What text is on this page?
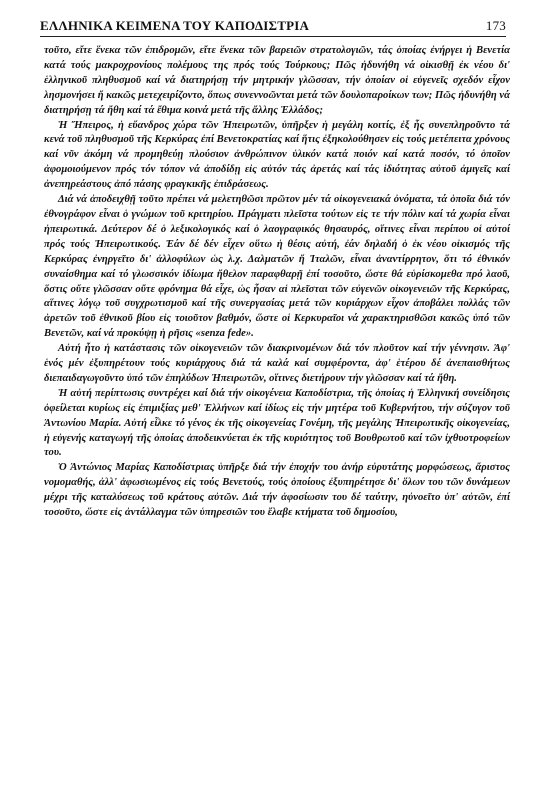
ΕΛΛΗΝΙΚΑ ΚΕΙΜΕΝΑ ΤΟΥ ΚΑΠΟΔΙΣΤΡΙΑ	173

τοῦτο, εἴτε ἕνεκα τῶν ἐπιδρομῶν, εἴτε ἕνεκα τῶν βαρειῶν στρατολογιῶν, τάς ὁποίας ἐνήργει ἡ Βενετία κατά τούς μακροχρονίους πολέμους της πρός τούς Τούρκους; Πῶς ἠδυνήθη νά οἰκισθῇ ἐκ νέου δι' ἑλληνικοῦ πληθυσμοῦ καί νά διατηρήσῃ τήν μητρικήν γλῶσσαν, τήν ὁποίαν οἱ εὐγενεῖς σχεδόν εἶχον λησμονήσει ἤ κακῶς μετεχειρίζοντο, ὅπως συνεννοῶνται μετά τῶν δουλοπαροίκων των; Πῶς ἠδυνήθη νά διατηρήσῃ τά ἤθη καί τά ἔθιμα κοινά μετά τῆς ἄλλης Ἑλλάδος;

Ἡ Ἤπειρος, ἡ εὔανδρος χώρα τῶν Ἠπειρωτῶν, ὑπῆρξεν ἡ μεγάλη κοιτίς, ἐξ ἧς συνεπληροῦντο τά κενά τοῦ πληθυσμοῦ τῆς Κερκύρας ἐπί Βενετοκρατίας καί ἥτις ἐξηκολούθησεν εἰς τούς μετέπειτα χρόνους καί νῦν ἀκόμη νά προμηθεύῃ πλούσιον ἀνθρώπινον ὑλικόν κατά ποιόν καί κατά ποσόν, τό ὁποῖον ἀφομοιούμενον πρός τόν τόπον νά ἀποδίδῃ εἰς αὐτόν τάς ἀρετάς καί τάς ἰδιότητας αὐτοῦ ἀμιγεῖς καί ἀνεπηρεάστους ἀπό πάσης φραγκικῆς ἐπιδράσεως.

Διά νά ἀποδειχθῇ τοῦτο πρέπει νά μελετηθῶσι πρῶτον μέν τά οἰκογενειακά ὀνόματα, τά ὁποῖα διά τόν ἐθνογράφον εἶναι ὁ γνώμων τοῦ κριτηρίου. Πράγματι πλεῖστα τούτων εἰς τε τήν πόλιν καί τά χωρία εἶναι ἠπειρωτικά. Δεύτερον δέ ὁ λεξικολογικός καί ὁ λαογραφικός θησαυρός, οἵτινες εἶναι περίπου οἱ αὐτοί πρός τούς Ἠπειρωτικούς. Ἐάν δέ δέν εἶχεν οὕτω ἡ θέσις αὐτή, ἐάν δηλαδή ὁ ἐκ νέου οἰκισμός τῆς Κερκύρας ἐνηργεῖτο δι' ἀλλοφύλων ὡς λ.χ. Δαλματῶν ἤ Ἰταλῶν, εἶναι ἀναντίρρητον, ὅτι τό ἐθνικόν συναίσθημα καί τό γλωσσικόν ἰδίωμα ἤθελον παραφθαρῇ ἐπί τοσοῦτο, ὥστε θά εὑρίσκομεθα πρό λαοῦ, ὅστις οὔτε γλῶσσαν οὔτε φρόνημα θά εἶχε, ὡς ἦσαν αἱ πλεῖσται τῶν εὐγενῶν οἰκογενειῶν τῆς Κερκύρας, αἵτινες λόγῳ τοῦ συγχρωτισμοῦ καί τῆς συνεργασίας μετά τῶν κυριάρχων εἶχον ἀποβάλει πολλάς τῶν ἀρετῶν τοῦ ἐθνικοῦ βίου εἰς τοιοῦτον βαθμόν, ὥστε οἱ Κερκυραῖοι νά χαρακτηρισθῶσι κακῶς ὑπό τῶν Βενετῶν, καί νά προκύψῃ ἡ ρῆσις «senza fede».

Αὐτή ἦτο ἡ κατάστασις τῶν οἰκογενειῶν τῶν διακρινομένων διά τόν πλοῦτον καί τήν γέννησιν. Ἀφ' ἑνός μέν ἐξυπηρέτουν τούς κυριάρχους διά τά καλά καί συμφέροντα, ἀφ' ἑτέρου δέ ἀνεπαισθήτως διεπαιδαγωγοῦντο ὑπό τῶν ἐπηλύδων Ἠπειρωτῶν, οἵτινες διετήρουν τήν γλῶσσαν καί τά ἤθη.

Ἡ αὐτή περίπτωσις συντρέχει καί διά τήν οἰκογένεια Καποδίστρια, τῆς ὁποίας ἡ Ἑλληνική συνείδησις ὀφείλεται κυρίως εἰς ἐπιμιξίας μεθ' Ἑλλήνων καί ἰδίως εἰς τήν μητέρα τοῦ Κυβερνήτου, τήν σύζυγον τοῦ Ἀντωνίου Μαρία. Αὐτή εἶλκε τό γένος ἐκ τῆς οἰκογενείας Γονέμη, τῆς μεγάλης Ἠπειρωτικῆς οἰκογενείας, ἡ εὐγενής καταγωγή τῆς ὁποίας ἀποδεικνύεται ἐκ τῆς κυριότητος τοῦ Βουθρωτοῦ καί τῶν ἰχθυοτροφείων του.

Ὁ Ἀντώνιος Μαρίας Καποδίστριας ὑπῆρξε διά τήν ἐποχήν του ἀνήρ εὐρυτάτης μορφώσεως, ἄριστος νομομαθής, ἀλλ' ἀφωσιωμένος εἰς τούς Βενετούς, τούς ὁποίους ἐξυπηρέτησε δι' ὅλων του τῶν δυνάμεων μέχρι τῆς καταλύσεως τοῦ κράτους αὐτῶν. Διά τήν ἀφοσίωσιν του δέ ταύτην, ηὐνοεῖτο ὑπ' αὐτῶν, ἐπί τοσοῦτο, ὥστε εἰς ἀντάλλαγμα τῶν ὑπηρεσιῶν του ἔλαβε κτήματα τοῦ δημοσίου,
